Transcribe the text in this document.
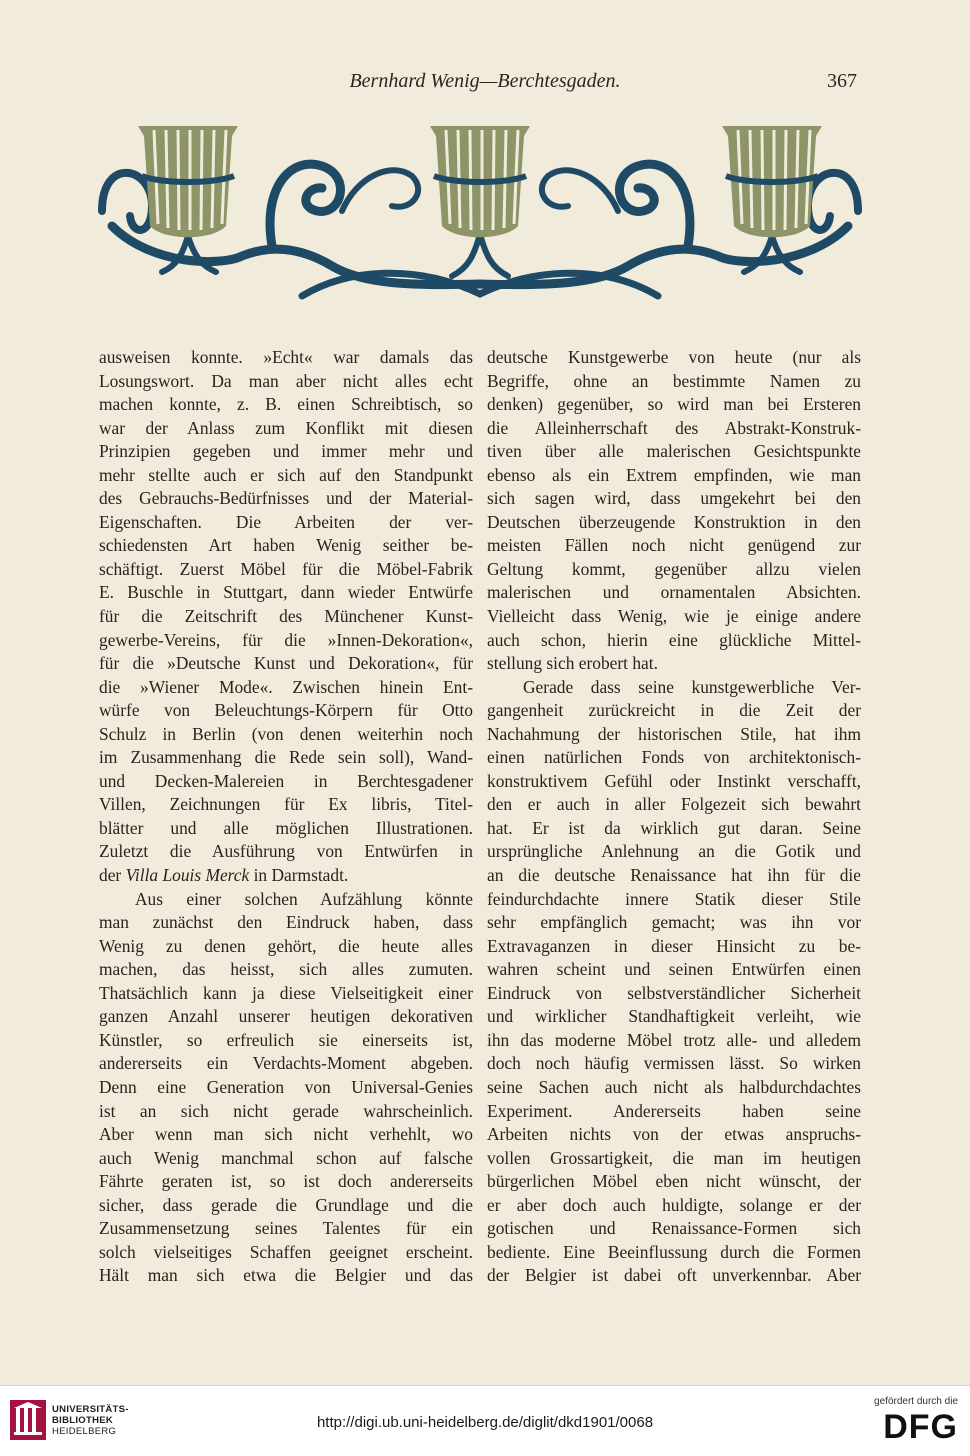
Bernhard Wenig—Berchtesgaden.	367
ausweisen konnte. »Echt« war damals das
Losungswort. Da man aber nicht alles echt
machen konnte, z. B. einen Schreibtisch, so
war der Anlass zum Konflikt mit diesen
Prinzipien gegeben und immer mehr und
mehr stellte auch er sich auf den Standpunkt
des Gebrauchs-Bedürfnisses und der Material-
Eigenschaften. Die Arbeiten der ver-
schiedensten Art haben Wenig seither be-
schäftigt. Zuerst Möbel für die Möbel-Fabrik
E. Buschle in Stuttgart, dann wieder Entwürfe
für die Zeitschrift des Münchener Kunst-
gewerbe-Vereins, für die »Innen-Dekoration«,
für die »Deutsche Kunst und Dekoration«, für
die »Wiener Mode«. Zwischen hinein Ent-
würfe von Beleuchtungs-Körpern für Otto
Schulz in Berlin (von denen weiterhin noch
im Zusammenhang die Rede sein soll), Wand-
und Decken-Malereien in Berchtesgadener
Villen, Zeichnungen für Ex libris, Titel-
blätter und alle möglichen Illustrationen.
Zuletzt die Ausführung von Entwürfen in
der Villa Louis Merck in Darmstadt.
Aus einer solchen Aufzählung könnte
man zunächst den Eindruck haben, dass
Wenig zu denen gehört, die heute alles
machen, das heisst, sich alles zumuten.
Thatsächlich kann ja diese Vielseitigkeit einer
ganzen Anzahl unserer heutigen dekorativen
Künstler, so erfreulich sie einerseits ist,
andererseits ein Verdachts-Moment abgeben.
Denn eine Generation von Universal-Genies
ist an sich nicht gerade wahrscheinlich.
Aber wenn man sich nicht verhehlt, wo
auch Wenig manchmal schon auf falsche
Fährte geraten ist, so ist doch andererseits
sicher, dass gerade die Grundlage und die
Zusammensetzung seines Talentes für ein
solch vielseitiges Schaffen geeignet erscheint.
Hält man sich etwa die Belgier und das
deutsche Kunstgewerbe von heute (nur als
Begriffe, ohne an bestimmte Namen zu
denken) gegenüber, so wird man bei Ersteren
die Alleinherrschaft des Abstrakt-Konstruk-
tiven über alle malerischen Gesichtspunkte
ebenso als ein Extrem empfinden, wie man
sich sagen wird, dass umgekehrt bei den
Deutschen überzeugende Konstruktion in den
meisten Fällen noch nicht genügend zur
Geltung kommt, gegenüber allzu vielen
malerischen und ornamentalen Absichten.
Vielleicht dass Wenig, wie je einige andere
auch schon, hierin eine glückliche Mittel-
stellung sich erobert hat.
Gerade dass seine kunstgewerbliche Ver-
gangenheit zurückreicht in die Zeit der
Nachahmung der historischen Stile, hat ihm
einen natürlichen Fonds von architektonisch-
konstruktivem Gefühl oder Instinkt verschafft,
den er auch in aller Folgezeit sich bewahrt
hat. Er ist da wirklich gut daran. Seine
ursprüngliche Anlehnung an die Gotik und
an die deutsche Renaissance hat ihn für die
feindurchdachte innere Statik dieser Stile
sehr empfänglich gemacht; was ihn vor
Extravaganzen in dieser Hinsicht zu be-
wahren scheint und seinen Entwürfen einen
Eindruck von selbstverständlicher Sicherheit
und wirklicher Standhaftigkeit verleiht, wie
ihn das moderne Möbel trotz alle- und alledem
doch noch häufig vermissen lässt. So wirken
seine Sachen auch nicht als halbdurchdachtes
Experiment. Andererseits haben seine
Arbeiten nichts von der etwas anspruchs-
vollen Grossartigkeit, die man im heutigen
bürgerlichen Möbel eben nicht wünscht, der
er aber doch auch huldigte, solange er der
gotischen und Renaissance-Formen sich
bediente. Eine Beeinflussung durch die Formen
der Belgier ist dabei oft unverkennbar. Aber
UNIVERSITÄTS-
BIBLIOTHEK
HEIDELBERG
http://digi.ub.uni-heidelberg.de/diglit/dkd1901/0068
gefördert durch die
DFG
